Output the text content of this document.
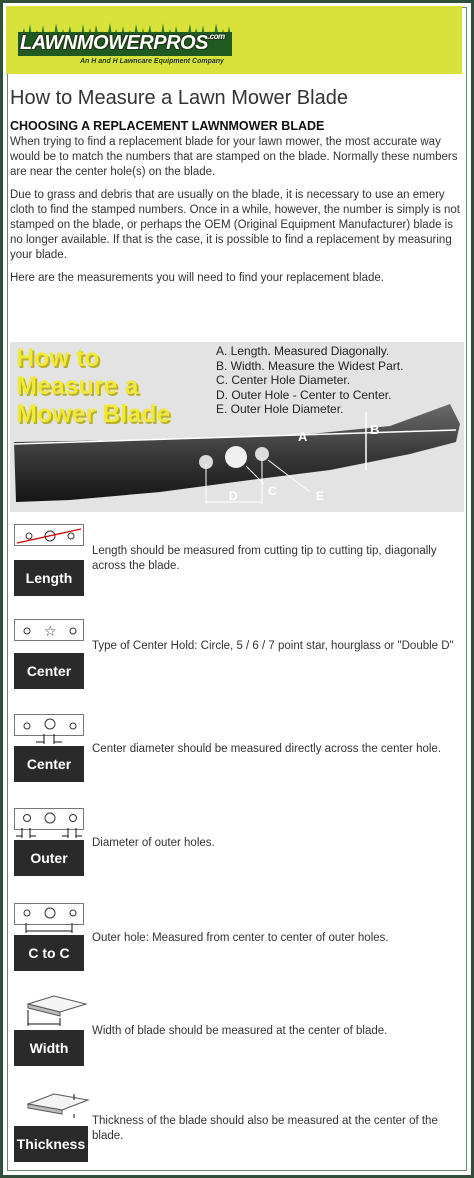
$LAWNMOWERPROS^{.com}$
An H and H Lawncare Equipment Company
How to Measure a Lawn Mower Blade
CHOOSING A REPLACEMENT LAWNMOWER BLADE
When trying to find a replacement blade for your lawn mower, the most accurate way would be to match the numbers that are stamped on the blade. Normally these numbers are near the center hole(s) on the blade.
Due to grass and debris that are usually on the blade, it is necessary to use an emery cloth to find the stamped numbers. Once in a while, however, the number is simply is not stamped on the blade, or perhaps the OEM (Original Equipment Manufacturer) blade is no longer available. If that is the case, it is possible to find a replacement by measuring your blade.
Here are the measurements you will need to find your replacement blade.
How to
Measure a
Mower Blade
A. Length. Measured Diagonally.
B. Width. Measure the Widest Part.
C. Center Hole Diameter.
D. Outer Hole - Center to Center.
E. Outer Hole Diameter.
A	B
C
D	E
Length
Length should be measured from cutting tip to cutting tip, diagonally across the blade.
☆
Center
Type of Center Hold: Circle, 5 / 6 / 7 point star, hourglass or "Double D"
Center
Center diameter should be measured directly across the center hole.
Outer
Diameter of outer holes.
C to C
Outer hole: Measured from center to center of outer holes.
Width
Width of blade should be measured at the center of blade.
Thickness
Thickness of the blade should also be measured at the center of the blade.
